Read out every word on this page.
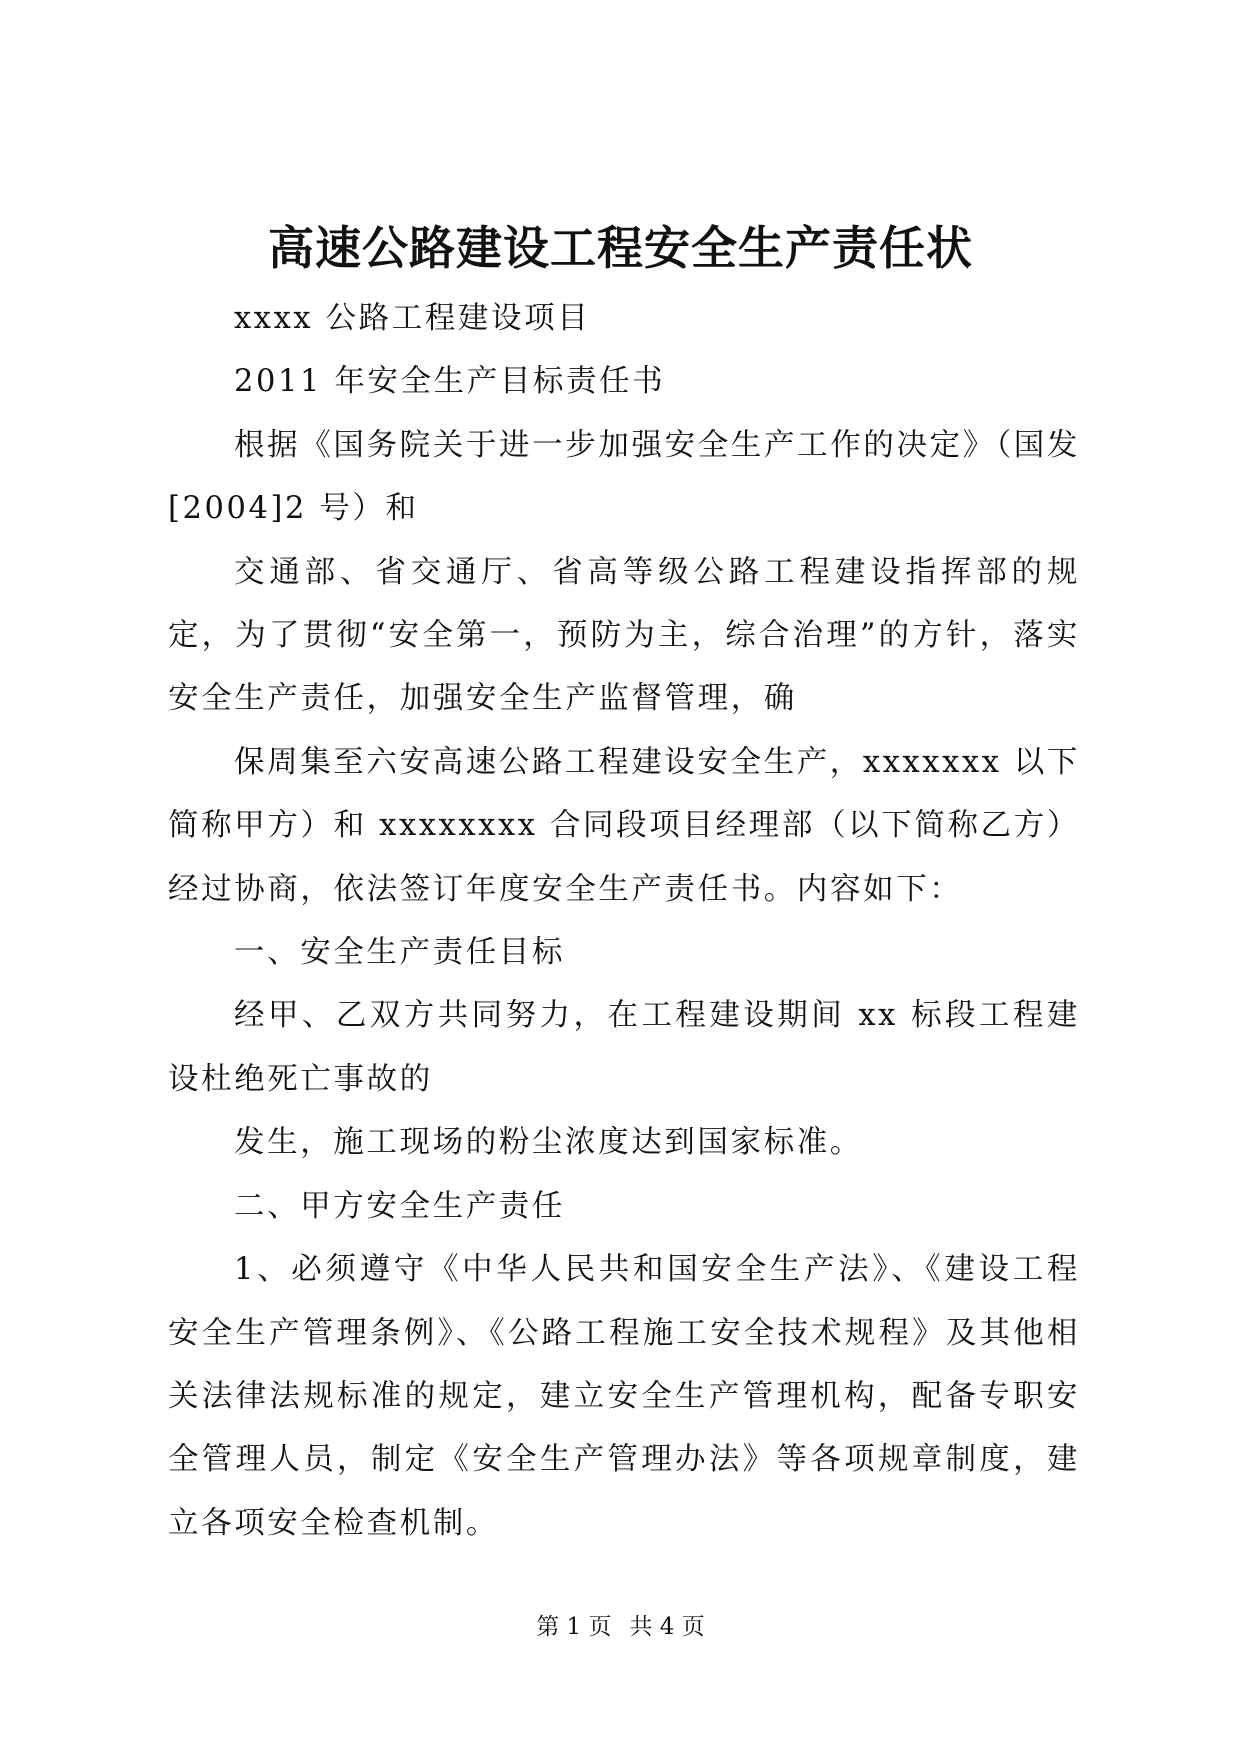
高速公路建设工程安全生产责任状

xxxx 公路工程建设项目

2011 年安全生产目标责任书

根据《国务院关于进一步加强安全生产工作的决定》（国发[2004]2 号）和

交通部、省交通厅、省高等级公路工程建设指挥部的规定，为了贯彻“安全第一，预防为主，综合治理”的方针，落实安全生产责任，加强安全生产监督管理，确

保周集至六安高速公路工程建设安全生产，xxxxxxx 以下简称甲方）和 xxxxxxxx 合同段项目经理部（以下简称乙方）经过协商，依法签订年度安全生产责任书。内容如下：

一、安全生产责任目标

经甲、乙双方共同努力，在工程建设期间 xx 标段工程建设杜绝死亡事故的

发生，施工现场的粉尘浓度达到国家标准。

二、甲方安全生产责任

1、必须遵守《中华人民共和国安全生产法》、《建设工程安全生产管理条例》、《公路工程施工安全技术规程》及其他相关法律法规标准的规定，建立安全生产管理机构，配备专职安全管理人员，制定《安全生产管理办法》等各项规章制度，建立各项安全检查机制。

第 1 页 共 4 页
